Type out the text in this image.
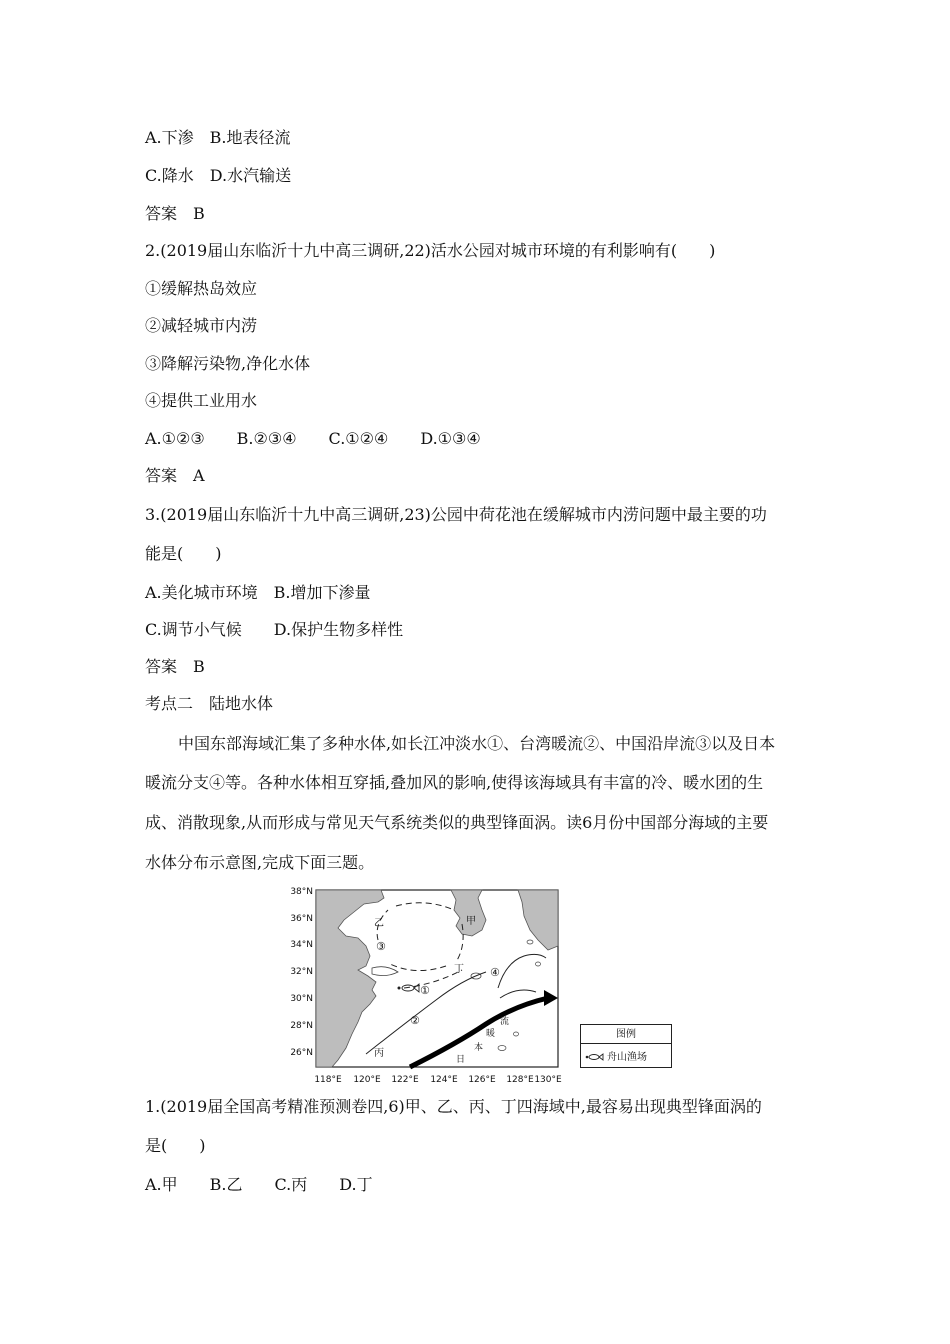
A.下渗　B.地表径流
C.降水　D.水汽输送
答案　B
2.(2019届山东临沂十九中高三调研,22)活水公园对城市环境的有利影响有(　　)
①缓解热岛效应
②减轻城市内涝
③降解污染物,净化水体
④提供工业用水
A.①②③　　B.②③④　　C.①②④　　D.①③④
答案　A
3.(2019届山东临沂十九中高三调研,23)公园中荷花池在缓解城市内涝问题中最主要的功
能是(　　)
A.美化城市环境　B.增加下渗量
C.调节小气候　　D.保护生物多样性
答案　B
考点二　陆地水体
中国东部海域汇集了多种水体,如长江冲淡水①、台湾暖流②、中国沿岸流③以及日本
暖流分支④等。各种水体相互穿插,叠加风的影响,使得该海域具有丰富的冷、暖水团的生
成、消散现象,从而形成与常见天气系统类似的典型锋面涡。读6月份中国部分海域的主要
水体分布示意图,完成下面三题。
38°N
36°N
34°N
32°N
30°N
28°N
26°N
118°E 120°E 122°E 124°E 126°E 128°E 130°E
甲
乙
丙
丁
①
②
③
④
日
本
暖
流
图例
舟山渔场
1.(2019届全国高考精准预测卷四,6)甲、乙、丙、丁四海域中,最容易出现典型锋面涡的
是(　　)
A.甲　　B.乙　　C.丙　　D.丁
